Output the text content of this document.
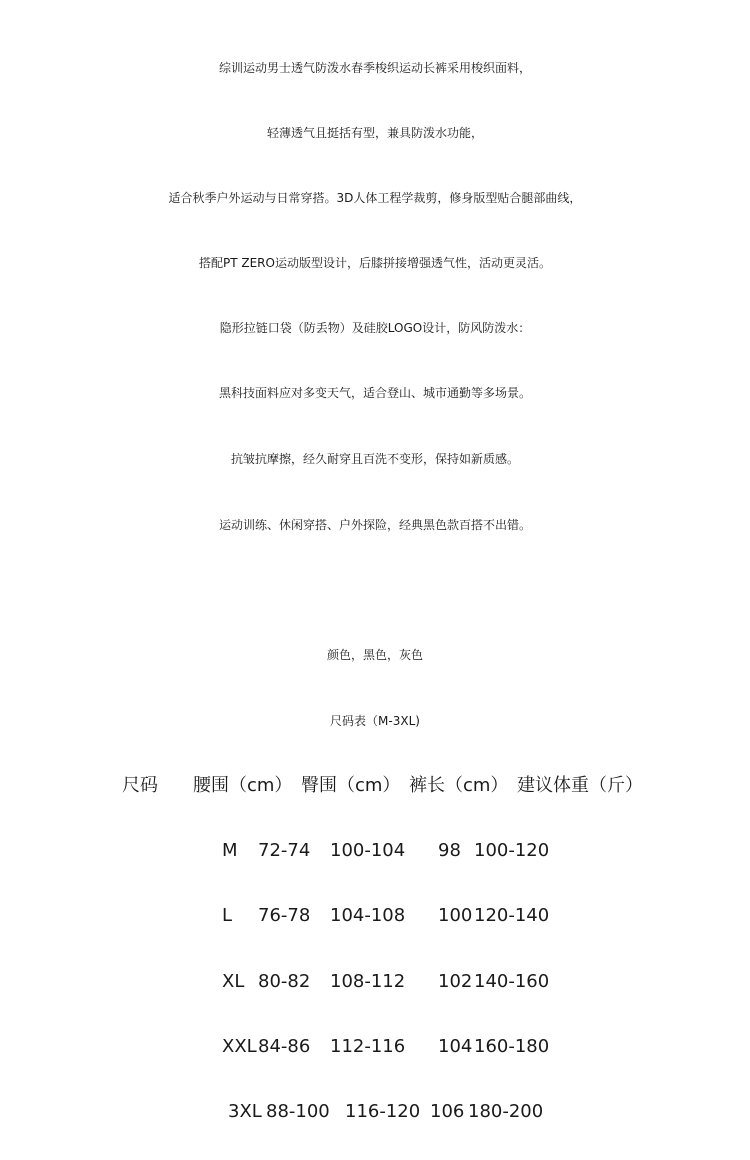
综训运动男士透气防泼水春季梭织运动长裤采用梭织面料，
轻薄透气且挺括有型，兼具防泼水功能，
适合秋季户外运动与日常穿搭。3D人体工程学裁剪，修身版型贴合腿部曲线，
搭配PT ZERO运动版型设计，后膝拼接增强透气性，活动更灵活。
隐形拉链口袋（防丢物）及硅胶LOGO设计，防风防泼水：
黑科技面料应对多变天气，适合登山、城市通勤等多场景。
抗皱抗摩擦，经久耐穿且百洗不变形，保持如新质感。
运动训练、休闲穿搭、户外探险，经典黑色款百搭不出错。
颜色，黑色，灰色
尺码表（M-3XL)
尺码 腰围（cm） 臀围（cm） 裤长（cm） 建议体重（斤）
M 72-74 100-104 98 100-120
L 76-78 104-108 100 120-140
XL 80-82 108-112 102 140-160
XXL 84-86 112-116 104 160-180
3XL 88-100 116-120 106 180-200
